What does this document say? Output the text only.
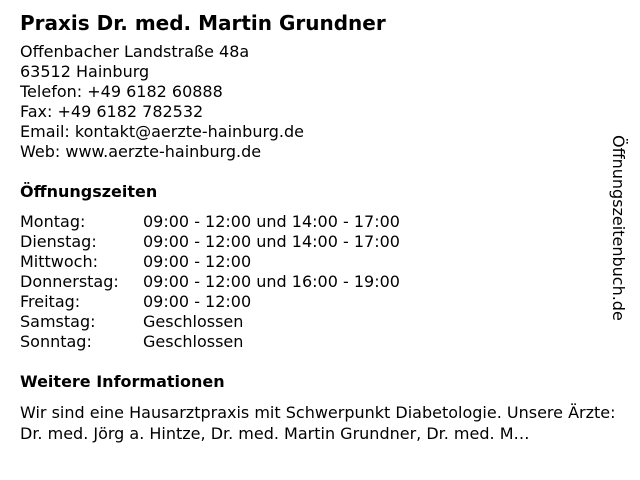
Praxis Dr. med. Martin Grundner
Offenbacher Landstraße 48a
63512 Hainburg
Telefon: +49 6182 60888
Fax: +49 6182 782532
Email: kontakt@aerzte-hainburg.de
Web: www.aerzte-hainburg.de
Öffnungszeiten
Montag:	09:00 - 12:00 und 14:00 - 17:00
Dienstag:	09:00 - 12:00 und 14:00 - 17:00
Mittwoch:	09:00 - 12:00
Donnerstag:	09:00 - 12:00 und 16:00 - 19:00
Freitag:	09:00 - 12:00
Samstag:	Geschlossen
Sonntag:	Geschlossen
Weitere Informationen
Wir sind eine Hausarztpraxis mit Schwerpunkt Diabetologie. Unsere Ärzte: Dr. med. Jörg a. Hintze, Dr. med. Martin Grundner, Dr. med. M…
Öffnungszeitenbuch.de
